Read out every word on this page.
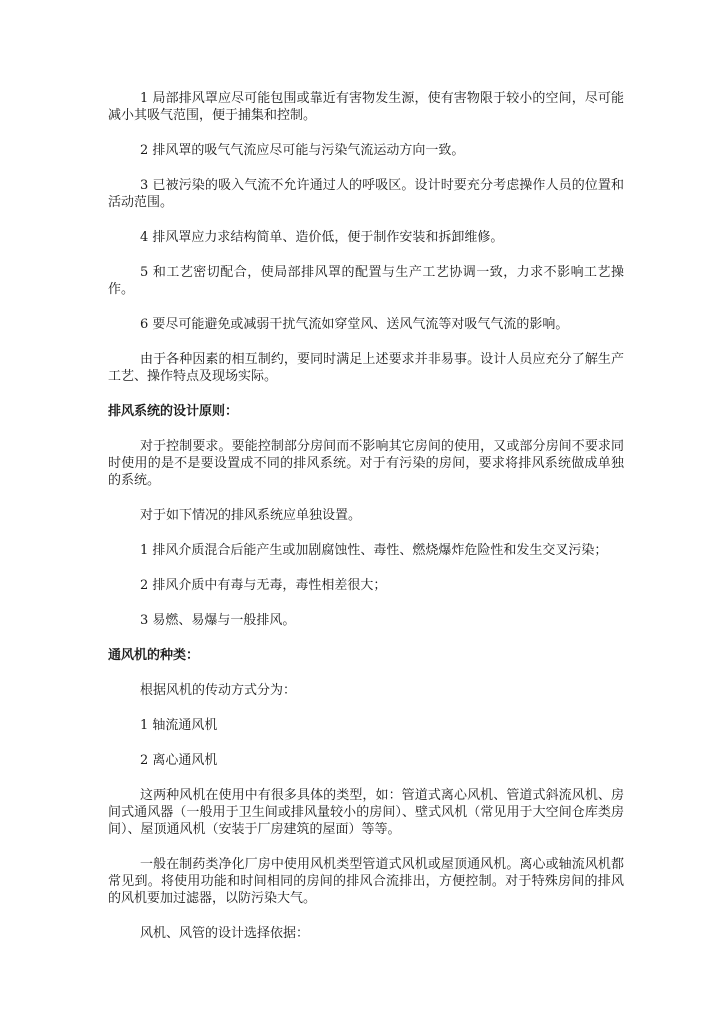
1 局部排风罩应尽可能包围或靠近有害物发生源，使有害物限于较小的空间，尽可能减小其吸气范围，便于捕集和控制。

2 排风罩的吸气气流应尽可能与污染气流运动方向一致。

3 已被污染的吸入气流不允许通过人的呼吸区。设计时要充分考虑操作人员的位置和活动范围。

4 排风罩应力求结构简单、造价低，便于制作安装和拆卸维修。

5 和工艺密切配合，使局部排风罩的配置与生产工艺协调一致，力求不影响工艺操作。

6 要尽可能避免或减弱干扰气流如穿堂风、送风气流等对吸气气流的影响。

由于各种因素的相互制约，要同时满足上述要求并非易事。设计人员应充分了解生产工艺、操作特点及现场实际。

排风系统的设计原则：

对于控制要求。要能控制部分房间而不影响其它房间的使用，又或部分房间不要求同时使用的是不是要设置成不同的排风系统。对于有污染的房间，要求将排风系统做成单独的系统。

对于如下情况的排风系统应单独设置。

1 排风介质混合后能产生或加剧腐蚀性、毒性、燃烧爆炸危险性和发生交叉污染；

2 排风介质中有毒与无毒，毒性相差很大；

3 易燃、易爆与一般排风。

通风机的种类：

根据风机的传动方式分为：

1 轴流通风机

2 离心通风机

这两种风机在使用中有很多具体的类型，如：管道式离心风机、管道式斜流风机、房间式通风器（一般用于卫生间或排风量较小的房间）、壁式风机（常见用于大空间仓库类房间）、屋顶通风机（安装于厂房建筑的屋面）等等。

一般在制药类净化厂房中使用风机类型管道式风机或屋顶通风机。离心或轴流风机都常见到。将使用功能和时间相同的房间的排风合流排出，方便控制。对于特殊房间的排风的风机要加过滤器，以防污染大气。

风机、风管的设计选择依据：
